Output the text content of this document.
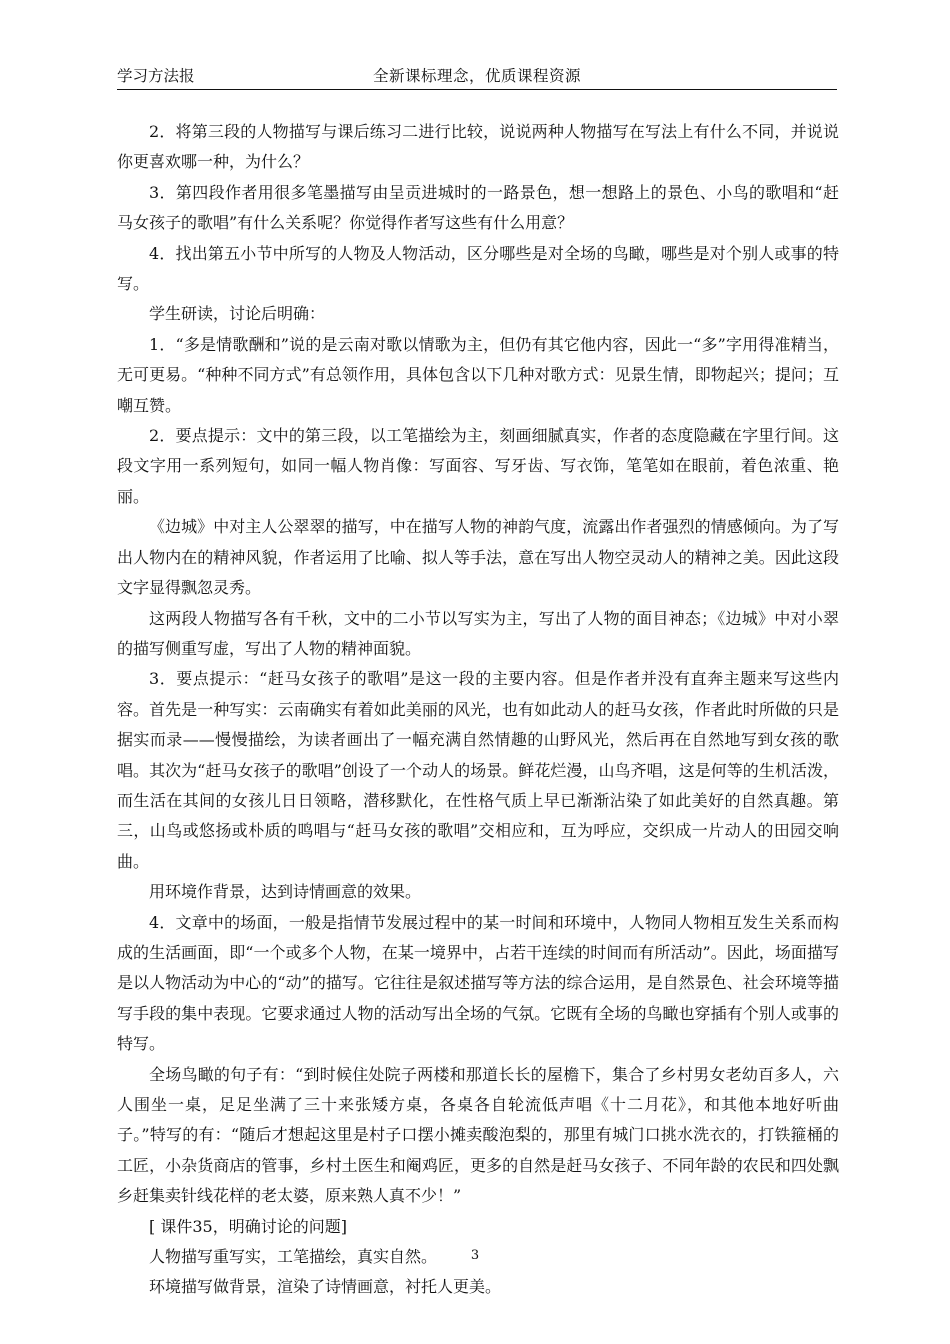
学习方法报	全新课标理念，优质课程资源

2．将第三段的人物描写与课后练习二进行比较，说说两种人物描写在写法上有什么不同，并说说你更喜欢哪一种，为什么？

3．第四段作者用很多笔墨描写由呈贡进城时的一路景色，想一想路上的景色、小鸟的歌唱和“赶马女孩子的歌唱”有什么关系呢？你觉得作者写这些有什么用意？

4．找出第五小节中所写的人物及人物活动，区分哪些是对全场的鸟瞰，哪些是对个别人或事的特写。

学生研读，讨论后明确：

1．“多是情歌酬和”说的是云南对歌以情歌为主，但仍有其它他内容，因此一“多”字用得准精当，无可更易。“种种不同方式”有总领作用，具体包含以下几种对歌方式：见景生情，即物起兴；提问；互嘲互赞。

2．要点提示：文中的第三段，以工笔描绘为主，刻画细腻真实，作者的态度隐藏在字里行间。这段文字用一系列短句，如同一幅人物肖像：写面容、写牙齿、写衣饰，笔笔如在眼前，着色浓重、艳丽。

《边城》中对主人公翠翠的描写，中在描写人物的神韵气度，流露出作者强烈的情感倾向。为了写出人物内在的精神风貌，作者运用了比喻、拟人等手法，意在写出人物空灵动人的精神之美。因此这段文字显得飘忽灵秀。

这两段人物描写各有千秋，文中的二小节以写实为主，写出了人物的面目神态；《边城》中对小翠的描写侧重写虚，写出了人物的精神面貌。

3．要点提示：“赶马女孩子的歌唱”是这一段的主要内容。但是作者并没有直奔主题来写这些内容。首先是一种写实：云南确实有着如此美丽的风光，也有如此动人的赶马女孩，作者此时所做的只是据实而录——慢慢描绘，为读者画出了一幅充满自然情趣的山野风光，然后再在自然地写到女孩的歌唱。其次为“赶马女孩子的歌唱”创设了一个动人的场景。鲜花烂漫，山鸟齐唱，这是何等的生机活泼，而生活在其间的女孩儿日日领略，潜移默化，在性格气质上早已渐渐沾染了如此美好的自然真趣。第三，山鸟或悠扬或朴质的鸣唱与“赶马女孩的歌唱”交相应和，互为呼应，交织成一片动人的田园交响曲。

用环境作背景，达到诗情画意的效果。

4．文章中的场面，一般是指情节发展过程中的某一时间和环境中，人物同人物相互发生关系而构成的生活画面，即“一个或多个人物，在某一境界中，占若干连续的时间而有所活动”。因此，场面描写是以人物活动为中心的“动”的描写。它往往是叙述描写等方法的综合运用，是自然景色、社会环境等描写手段的集中表现。它要求通过人物的活动写出全场的气氛。它既有全场的鸟瞰也穿插有个别人或事的特写。

全场鸟瞰的句子有：“到时候住处院子两楼和那道长长的屋檐下，集合了乡村男女老幼百多人，六人围坐一桌，足足坐满了三十来张矮方桌，各桌各自轮流低声唱《十二月花》，和其他本地好听曲子。”特写的有：“随后才想起这里是村子口摆小摊卖酸泡梨的，那里有城门口挑水洗衣的，打铁箍桶的工匠，小杂货商店的管事，乡村土医生和阉鸡匠，更多的自然是赶马女孩子、不同年龄的农民和四处飘乡赶集卖针线花样的老太婆，原来熟人真不少！”

[ 课件35，明确讨论的问题]

人物描写重写实，工笔描绘，真实自然。

环境描写做背景，渲染了诗情画意，衬托人更美。

3
